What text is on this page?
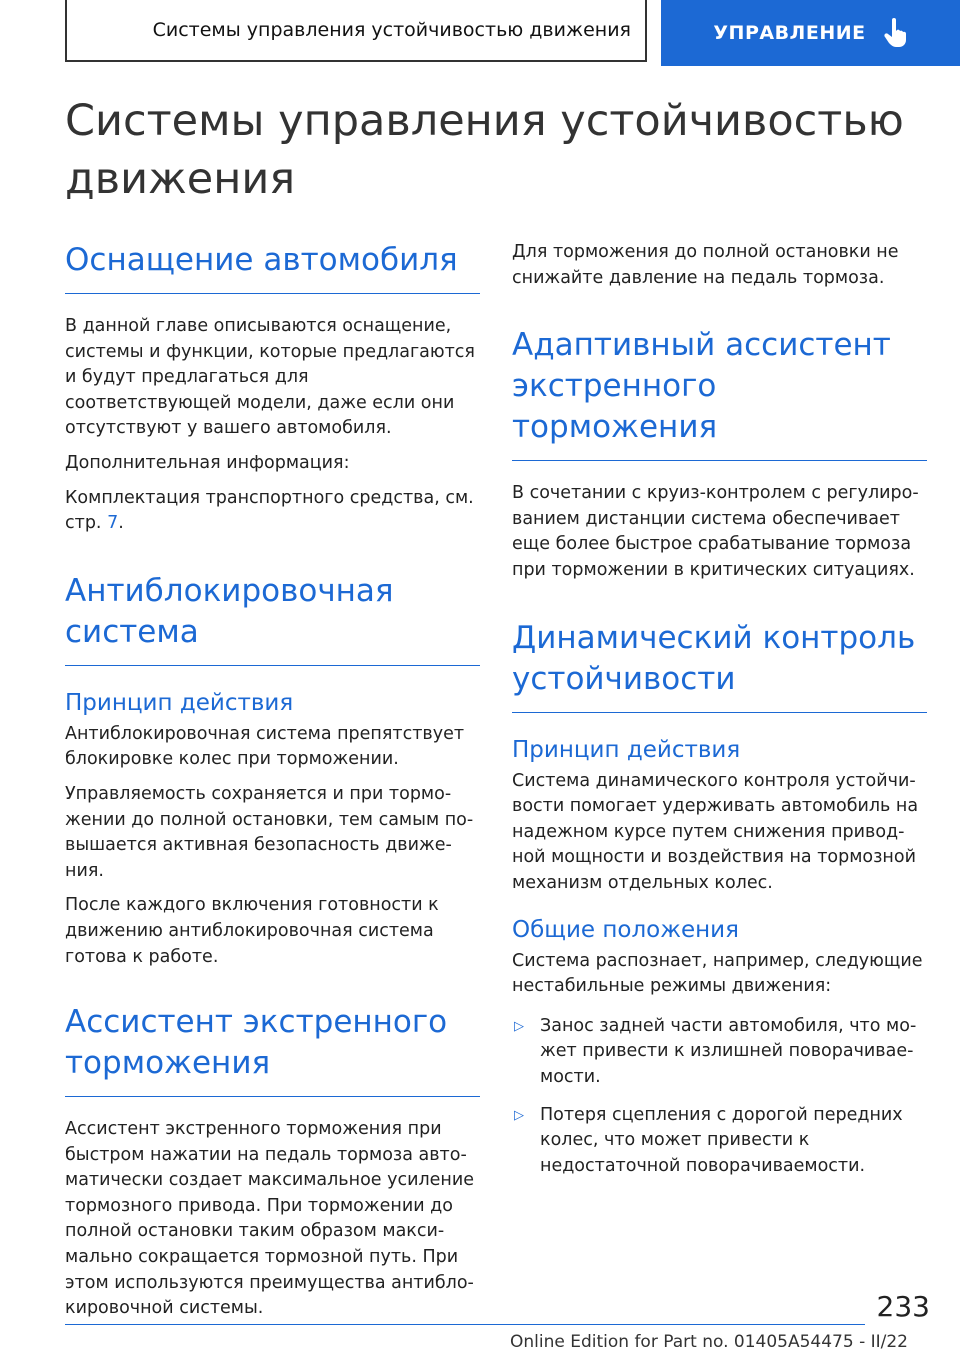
Системы управления устойчивостью движения	УПРАВЛЕНИЕ
Системы управления устойчивостью движения
Оснащение автомобиля

В данной главе описываются оснащение, системы и функции, которые предлагаются и будут предлагаться для соответствующей модели, даже если они отсутствуют у вашего автомобиля.

Дополнительная информация:

Комплектация транспортного средства, см. стр. 7.

Антиблокировочная система
Принцип действия

Антиблокировочная система препятствует блокировке колес при торможении.

Управляемость сохраняется и при торможении до полной остановки, тем самым повышается активная безопасность движения.

После каждого включения готовности к движению антиблокировочная система готова к работе.

Ассистент экстренного торможения

Ассистент экстренного торможения при быстром нажатии на педаль тормоза автоматически создает максимальное усиление тормозного привода. При торможении до полной остановки таким образом максимально сокращается тормозной путь. При этом используются преимущества антиблокировочной системы.

Для торможения до полной остановки не снижайте давление на педаль тормоза.

Адаптивный ассистент экстренного торможения

В сочетании с круиз-контролем с регулированием дистанции система обеспечивает еще более быстрое срабатывание тормоза при торможении в критических ситуациях.

Динамический контроль устойчивости
Принцип действия

Система динамического контроля устойчивости помогает удерживать автомобиль на надежном курсе путем снижения приводной мощности и воздействия на тормозной механизм отдельных колес.

Общие положения

Система распознает, например, следующие нестабильные режимы движения:

▷ Занос задней части автомобиля, что может привести к излишней поворачиваемости.
▷ Потеря сцепления с дорогой передних колес, что может привести к недостаточной поворачиваемости.
233
Online Edition for Part no. 01405A54475 - II/22
